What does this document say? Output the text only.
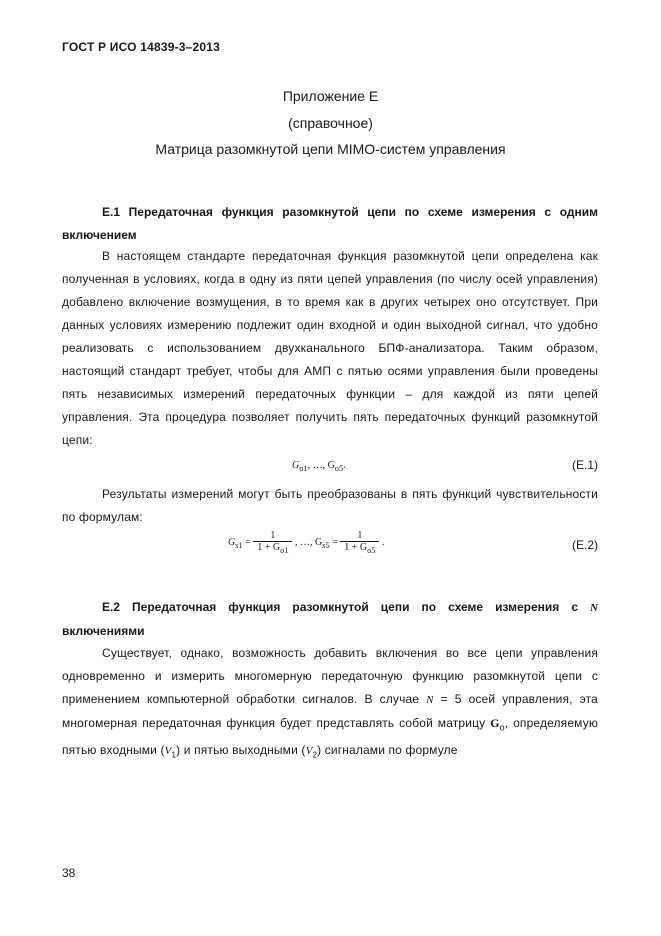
ГОСТ Р ИСО 14839-3–2013
Приложение Е
(справочное)
Матрица разомкнутой цепи MIMO-систем управления
Е.1 Передаточная функция разомкнутой цепи по схеме измерения с одним включением
В настоящем стандарте передаточная функция разомкнутой цепи определена как полученная в условиях, когда в одну из пяти цепей управления (по числу осей управления) добавлено включение возмущения, в то время как в других четырех оно отсутствует. При данных условиях измерению подлежит один входной и один выходной сигнал, что удобно реализовать с использованием двухканального БПФ-анализатора. Таким образом, настоящий стандарт требует, чтобы для АМП с пятью осями управления были проведены пять независимых измерений передаточных функции – для каждой из пяти цепей управления. Эта процедура позволяет получить пять передаточных функций разомкнутой цепи:
$G_{o1}$, …, $G_{o5}$.	(Е.1)
Результаты измерений могут быть преобразованы в пять функций чувствительности по формулам:
$G_{s1} = \frac{1}{1 + G_{o1}}$ , …, $G_{s5} = \frac{1}{1 + G_{o5}}$ .	(Е.2)
Е.2 Передаточная функция разомкнутой цепи по схеме измерения с N включениями
Существует, однако, возможность добавить включения во все цепи управления одновременно и измерить многомерную передаточную функцию разомкнутой цепи с применением компьютерной обработки сигналов. В случае N = 5 осей управления, эта многомерная передаточная функция будет представлять собой матрицу $G_o$, определяемую пятью входными $(V_1)$ и пятью выходными $(V_2)$ сигналами по формуле
38
